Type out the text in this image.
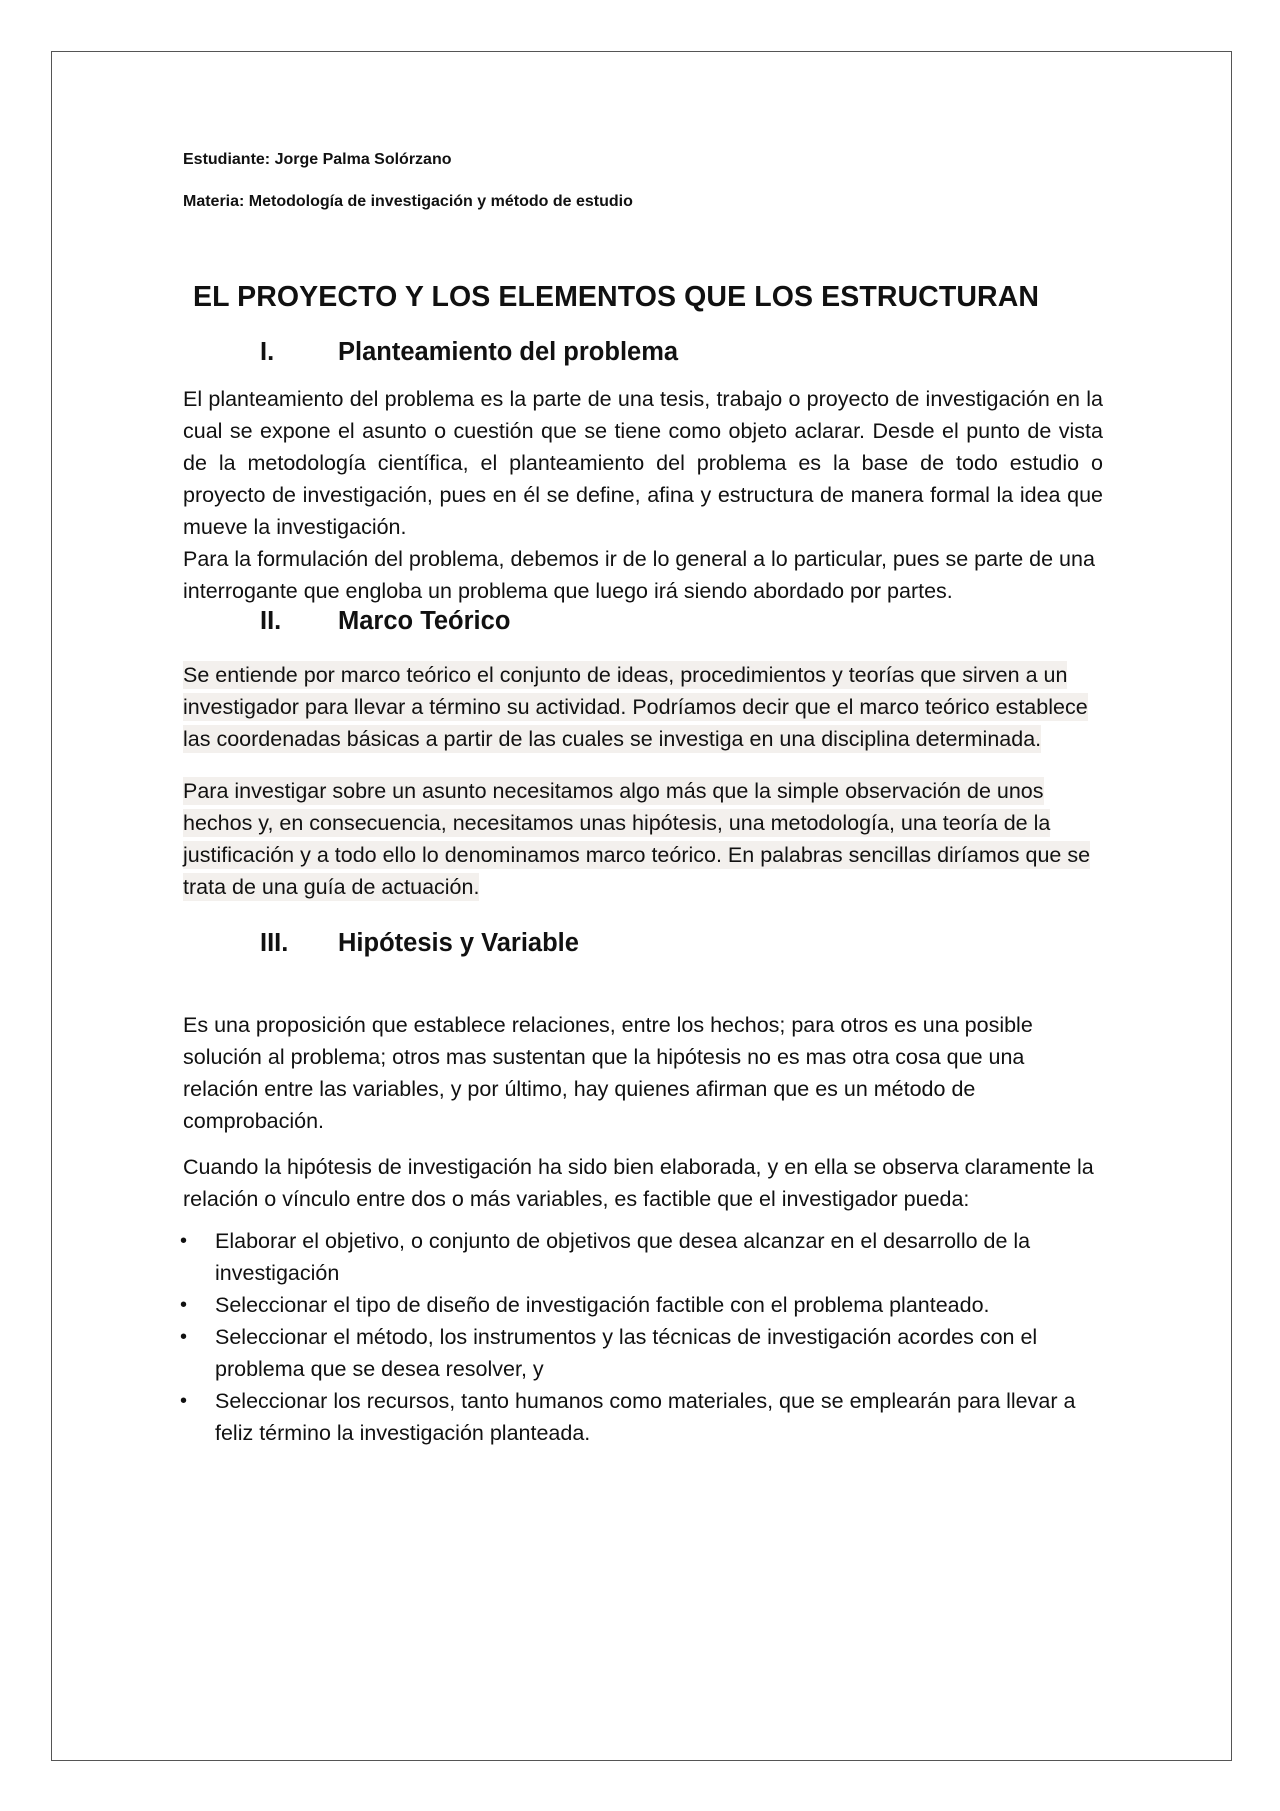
Estudiante: Jorge Palma Solórzano

Materia: Metodología de investigación y método de estudio

EL PROYECTO Y LOS ELEMENTOS QUE LOS ESTRUCTURAN
I.	Planteamiento del problema

El planteamiento del problema es la parte de una tesis, trabajo o proyecto de investigación en la cual se expone el asunto o cuestión que se tiene como objeto aclarar. Desde el punto de vista de la metodología científica, el planteamiento del problema es la base de todo estudio o proyecto de investigación, pues en él se define, afina y estructura de manera formal la idea que mueve la investigación.

Para la formulación del problema, debemos ir de lo general a lo particular, pues se parte de una interrogante que engloba un problema que luego irá siendo abordado por partes.

II.	Marco Teórico

Se entiende por marco teórico el conjunto de ideas, procedimientos y teorías que sirven a un investigador para llevar a término su actividad. Podríamos decir que el marco teórico establece las coordenadas básicas a partir de las cuales se investiga en una disciplina determinada.

Para investigar sobre un asunto necesitamos algo más que la simple observación de unos hechos y, en consecuencia, necesitamos unas hipótesis, una metodología, una teoría de la justificación y a todo ello lo denominamos marco teórico. En palabras sencillas diríamos que se trata de una guía de actuación.

III.	Hipótesis y Variable

Es una proposición que establece relaciones, entre los hechos; para otros es una posible solución al problema; otros mas sustentan que la hipótesis no es mas otra cosa que una relación entre las variables, y por último, hay quienes afirman que es un método de comprobación.

Cuando la hipótesis de investigación ha sido bien elaborada, y en ella se observa claramente la relación o vínculo entre dos o más variables, es factible que el investigador pueda:

• Elaborar el objetivo, o conjunto de objetivos que desea alcanzar en el desarrollo de la investigación
• Seleccionar el tipo de diseño de investigación factible con el problema planteado.
• Seleccionar el método, los instrumentos y las técnicas de investigación acordes con el problema que se desea resolver, y
• Seleccionar los recursos, tanto humanos como materiales, que se emplearán para llevar a feliz término la investigación planteada.
